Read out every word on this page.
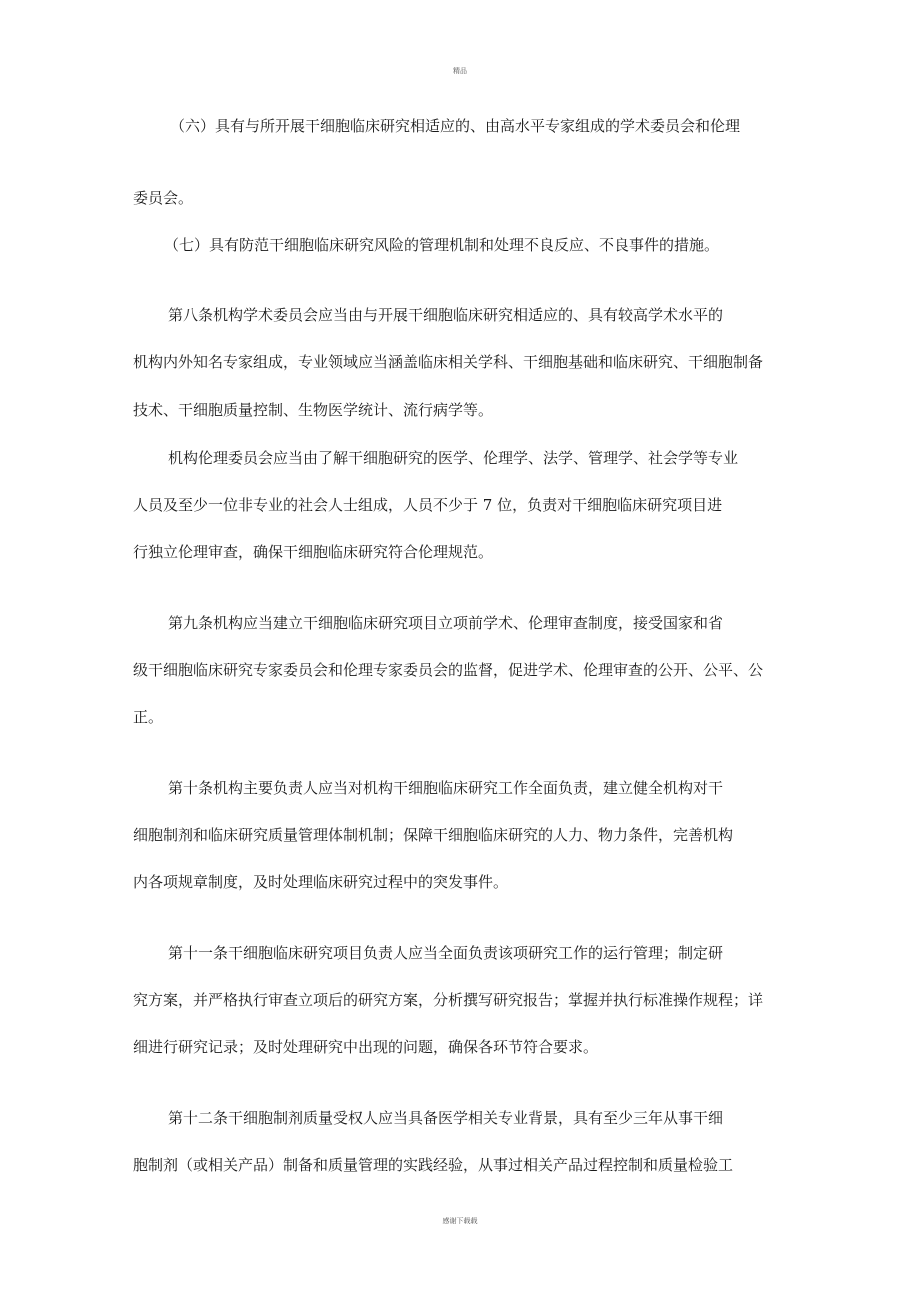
精品
（六）具有与所开展干细胞临床研究相适应的、由高水平专家组成的学术委员会和伦理
委员会。
（七）具有防范干细胞临床研究风险的管理机制和处理不良反应、不良事件的措施。
第八条机构学术委员会应当由与开展干细胞临床研究相适应的、具有较高学术水平的
机构内外知名专家组成，专业领域应当涵盖临床相关学科、干细胞基础和临床研究、干细胞制备
技术、干细胞质量控制、生物医学统计、流行病学等。
机构伦理委员会应当由了解干细胞研究的医学、伦理学、法学、管理学、社会学等专业
人员及至少一位非专业的社会人士组成，人员不少于 7 位，负责对干细胞临床研究项目进
行独立伦理审查，确保干细胞临床研究符合伦理规范。
第九条机构应当建立干细胞临床研究项目立项前学术、伦理审查制度，接受国家和省
级干细胞临床研究专家委员会和伦理专家委员会的监督，促进学术、伦理审查的公开、公平、公
正。
第十条机构主要负责人应当对机构干细胞临床研究工作全面负责，建立健全机构对干
细胞制剂和临床研究质量管理体制机制；保障干细胞临床研究的人力、物力条件，完善机构
内各项规章制度，及时处理临床研究过程中的突发事件。
第十一条干细胞临床研究项目负责人应当全面负责该项研究工作的运行管理；制定研
究方案，并严格执行审查立项后的研究方案，分析撰写研究报告；掌握并执行标准操作规程；详
细进行研究记录；及时处理研究中出现的问题，确保各环节符合要求。
第十二条干细胞制剂质量受权人应当具备医学相关专业背景，具有至少三年从事干细
胞制剂（或相关产品）制备和质量管理的实践经验，从事过相关产品过程控制和质量检验工
感谢下载载
